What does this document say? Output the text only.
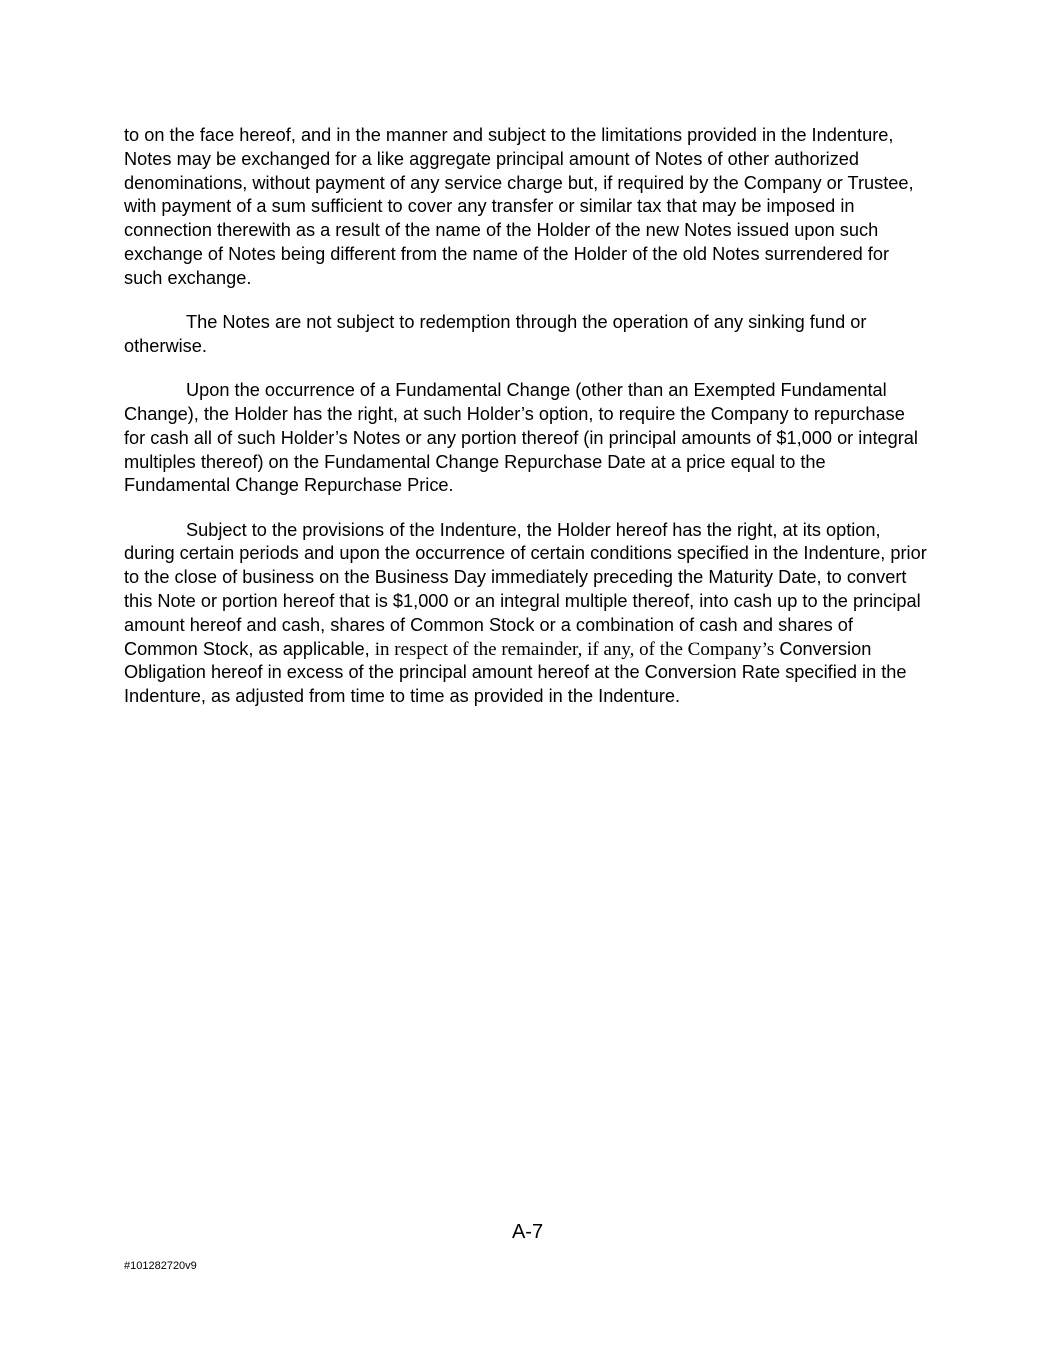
to on the face hereof, and in the manner and subject to the limitations provided in the Indenture, Notes may be exchanged for a like aggregate principal amount of Notes of other authorized denominations, without payment of any service charge but, if required by the Company or Trustee, with payment of a sum sufficient to cover any transfer or similar tax that may be imposed in connection therewith as a result of the name of the Holder of the new Notes issued upon such exchange of Notes being different from the name of the Holder of the old Notes surrendered for such exchange.

The Notes are not subject to redemption through the operation of any sinking fund or otherwise.

Upon the occurrence of a Fundamental Change (other than an Exempted Fundamental Change), the Holder has the right, at such Holder’s option, to require the Company to repurchase for cash all of such Holder’s Notes or any portion thereof (in principal amounts of $1,000 or integral multiples thereof) on the Fundamental Change Repurchase Date at a price equal to the Fundamental Change Repurchase Price.

Subject to the provisions of the Indenture, the Holder hereof has the right, at its option, during certain periods and upon the occurrence of certain conditions specified in the Indenture, prior to the close of business on the Business Day immediately preceding the Maturity Date, to convert this Note or portion hereof that is $1,000 or an integral multiple thereof, into cash up to the principal amount hereof and cash, shares of Common Stock or a combination of cash and shares of Common Stock, as applicable, in respect of the remainder, if any, of the Company’s Conversion Obligation hereof in excess of the principal amount hereof at the Conversion Rate specified in the Indenture, as adjusted from time to time as provided in the Indenture.

A-7
#101282720v9
